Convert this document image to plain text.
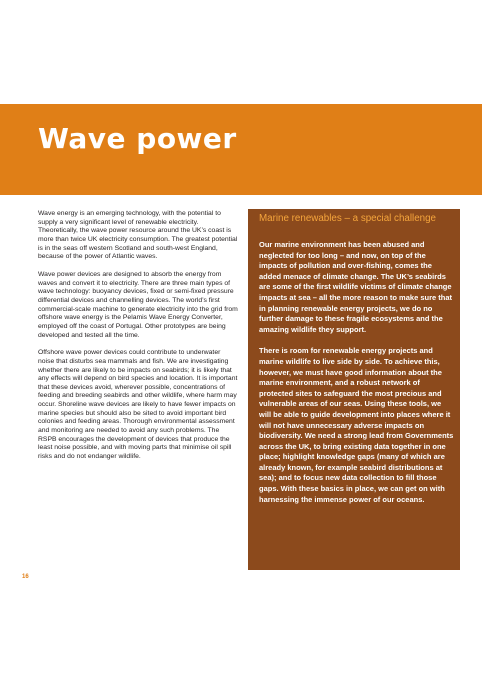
Wave power

Wave energy is an emerging technology, with the potential to supply a very significant level of renewable electricity. Theoretically, the wave power resource around the UK’s coast is more than twice UK electricity consumption. The greatest potential is in the seas off western Scotland and south-west England, because of the power of Atlantic waves.

Wave power devices are designed to absorb the energy from waves and convert it to electricity. There are three main types of wave technology: buoyancy devices, fixed or semi-fixed pressure differential devices and channelling devices. The world’s first commercial-scale machine to generate electricity into the grid from offshore wave energy is the Pelamis Wave Energy Converter, employed off the coast of Portugal. Other prototypes are being developed and tested all the time.

Offshore wave power devices could contribute to underwater noise that disturbs sea mammals and fish. We are investigating whether there are likely to be impacts on seabirds; it is likely that any effects will depend on bird species and location. It is important that these devices avoid, wherever possible, concentrations of feeding and breeding seabirds and other wildlife, where harm may occur. Shoreline wave devices are likely to have fewer impacts on marine species but should also be sited to avoid important bird colonies and feeding areas. Thorough environmental assessment and monitoring are needed to avoid any such problems. The RSPB encourages the development of devices that produce the least noise possible, and with moving parts that minimise oil spill risks and do not endanger wildlife.

Marine renewables – a special challenge

Our marine environment has been abused and neglected for too long – and now, on top of the impacts of pollution and over-fishing, comes the added menace of climate change. The UK’s seabirds are some of the first wildlife victims of climate change impacts at sea – all the more reason to make sure that in planning renewable energy projects, we do no further damage to these fragile ecosystems and the amazing wildlife they support.

There is room for renewable energy projects and marine wildlife to live side by side. To achieve this, however, we must have good information about the marine environment, and a robust network of protected sites to safeguard the most precious and vulnerable areas of our seas. Using these tools, we will be able to guide development into places where it will not have unnecessary adverse impacts on biodiversity. We need a strong lead from Governments across the UK, to bring existing data together in one place; highlight knowledge gaps (many of which are already known, for example seabird distributions at sea); and to focus new data collection to fill those gaps. With these basics in place, we can get on with harnessing the immense power of our oceans.

16
